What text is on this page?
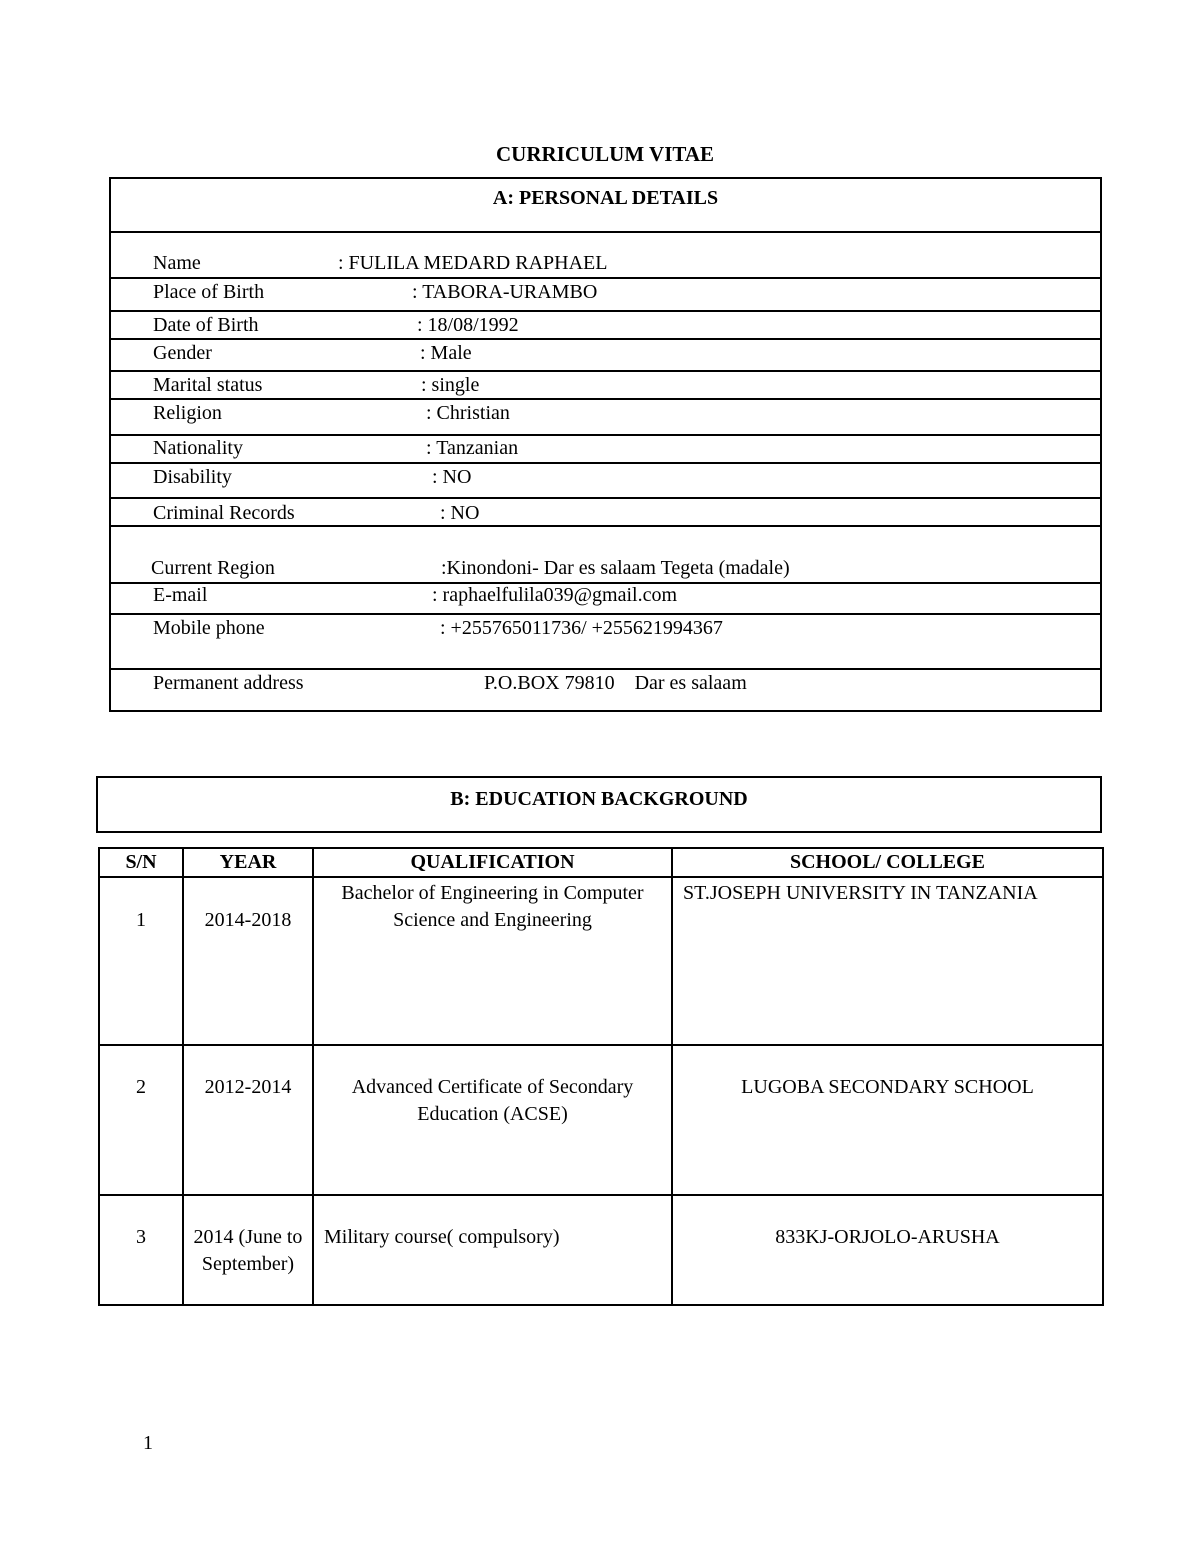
CURRICULUM VITAE
A: PERSONAL DETAILS
Name	: FULILA MEDARD RAPHAEL
Place of Birth	: TABORA-URAMBO
Date of Birth	: 18/08/1992
Gender	: Male
Marital status	: single
Religion	: Christian
Nationality	: Tanzanian
Disability	: NO
Criminal Records	: NO
Current Region	:Kinondoni- Dar es salaam Tegeta (madale)
E-mail	: raphaelfulila039@gmail.com
Mobile phone	: +255765011736/ +255621994367
Permanent address	P.O.BOX 79810    Dar es salaam
B: EDUCATION BACKGROUND
S/N	YEAR	QUALIFICATION	SCHOOL/ COLLEGE
1	2014-2018	Bachelor of Engineering in Computer Science and Engineering	ST.JOSEPH UNIVERSITY IN TANZANIA
2	2012-2014	Advanced Certificate of Secondary Education (ACSE)	LUGOBA SECONDARY SCHOOL
3	2014 (June to September)	Military course( compulsory)	833KJ-ORJOLO-ARUSHA
1
